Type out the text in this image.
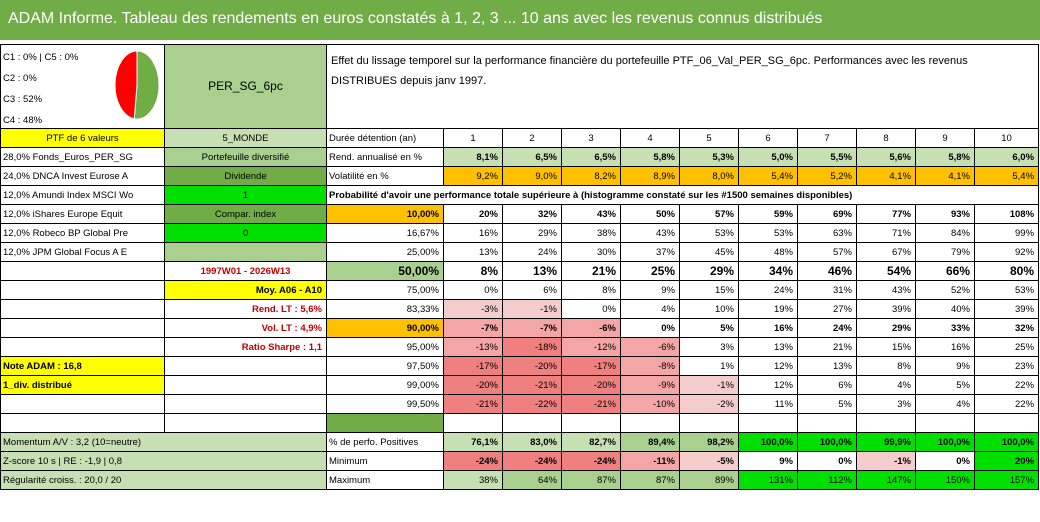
ADAM Informe. Tableau des rendements en euros constatés à 1, 2, 3 ... 10 ans avec les revenus connus distribués
C1 : 0% | C5 : 0%
C2 : 0%
C3 : 52%
C4 : 48%	PER_SG_6pc	Effet du lissage temporel sur la performance financière du portefeuille PTF_06_Val_PER_SG_6pc. Performances avec les revenus DISTRIBUES depuis janv 1997.										

PTF de 6 valeurs	5_MONDE	Durée détention (an)	1	2	3	4	5	6	7	8	9	10
28,0% Fonds_Euros_PER_SG	Portefeuille diversifié	Rend. annualisé en %	8,1%	6,5%	6,5%	5,8%	5,3%	5,0%	5,5%	5,6%	5,8%	6,0%
24,0% DNCA Invest Eurose A	Dividende	Volatilité en %	9,2%	9,0%	8,2%	8,9%	8,0%	5,4%	5,2%	4,1%	4,1%	5,4%
12,0% Amundi Index MSCI Wo	1	Probabilité d'avoir une performance totale supérieure à (histogramme constaté sur les #1500 semaines disponibles)										
12,0% iShares Europe Equit	Compar. index	10,00%	20%	32%	43%	50%	57%	59%	69%	77%	93%	108%
12,0% Robeco BP Global Pre	0	16,67%	16%	29%	38%	43%	53%	53%	63%	71%	84%	99%
12,0% JPM Global Focus A E		25,00%	13%	24%	30%	37%	45%	48%	57%	67%	79%	92%
	1997W01 - 2026W13	50,00%	8%	13%	21%	25%	29%	34%	46%	54%	66%	80%
	Moy. A06 - A10	75,00%	0%	6%	8%	9%	15%	24%	31%	43%	52%	53%
	Rend. LT : 5,6%	83,33%	-3%	-1%	0%	4%	10%	19%	27%	39%	40%	39%
	Vol. LT : 4,9%	90,00%	-7%	-7%	-6%	0%	5%	16%	24%	29%	33%	32%
	Ratio Sharpe : 1,1	95,00%	-13%	-18%	-12%	-6%	3%	13%	21%	15%	16%	25%
Note ADAM : 16,8		97,50%	-17%	-20%	-17%	-8%	1%	12%	13%	8%	9%	23%
1_div. distribué		99,00%	-20%	-21%	-20%	-9%	-1%	12%	6%	4%	5%	22%
		99,50%	-21%	-22%	-21%	-10%	-2%	11%	5%	3%	4%	22%

Momentum A/V : 3,2 (10=neutre)		% de perfo. Positives	76,1%	83,0%	82,7%	89,4%	98,2%	100,0%	100,0%	99,9%	100,0%	100,0%
Z-score 10 s | RE : -1,9 | 0,8		Minimum	-24%	-24%	-24%	-11%	-5%	9%	0%	-1%	0%	20%
Régularité croiss. : 20,0 / 20		Maximum	38%	64%	87%	87%	89%	131%	112%	147%	150%	157%
